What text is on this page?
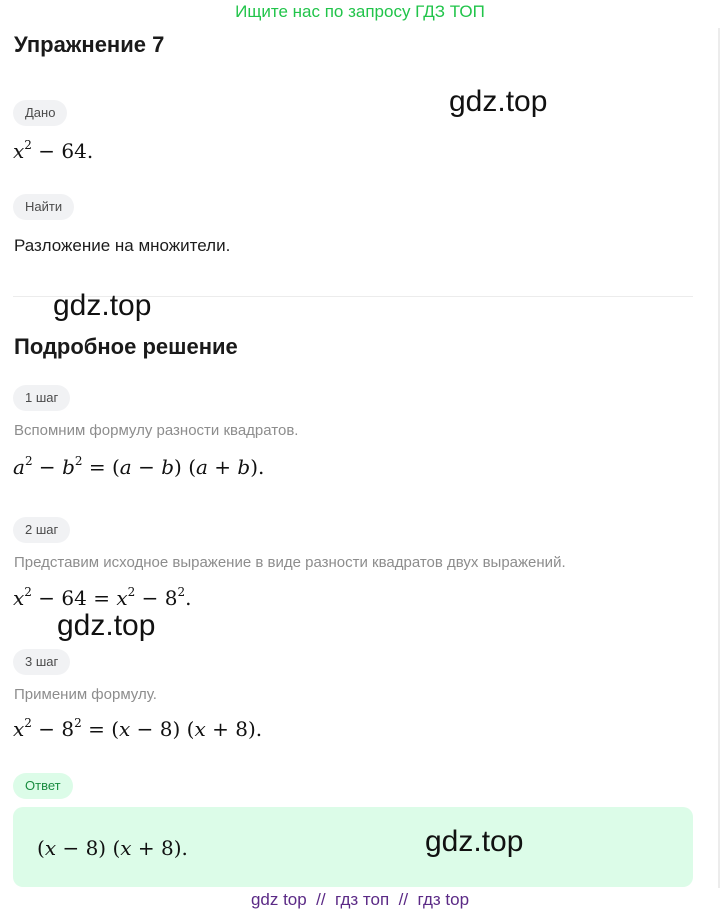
Ищите нас по запросу ГДЗ ТОП
Упражнение 7
Дано
$x^2 - 64$.
Найти
Разложение на множители.
Подробное решение
1 шаг
Вспомним формулу разности квадратов.
$a^2 - b^2 = (a - b) (a + b)$.
2 шаг
Представим исходное выражение в виде разности квадратов двух выражений.
$x^2 - 64 = x^2 - 8^2$.
3 шаг
Применим формулу.
$x^2 - 8^2 = (x - 8) (x + 8)$.
Ответ
(x − 8) (x + 8).
gdz.top
gdz.top
gdz.top
gdz.top
gdz top  //  гдз топ  //  гдз top
